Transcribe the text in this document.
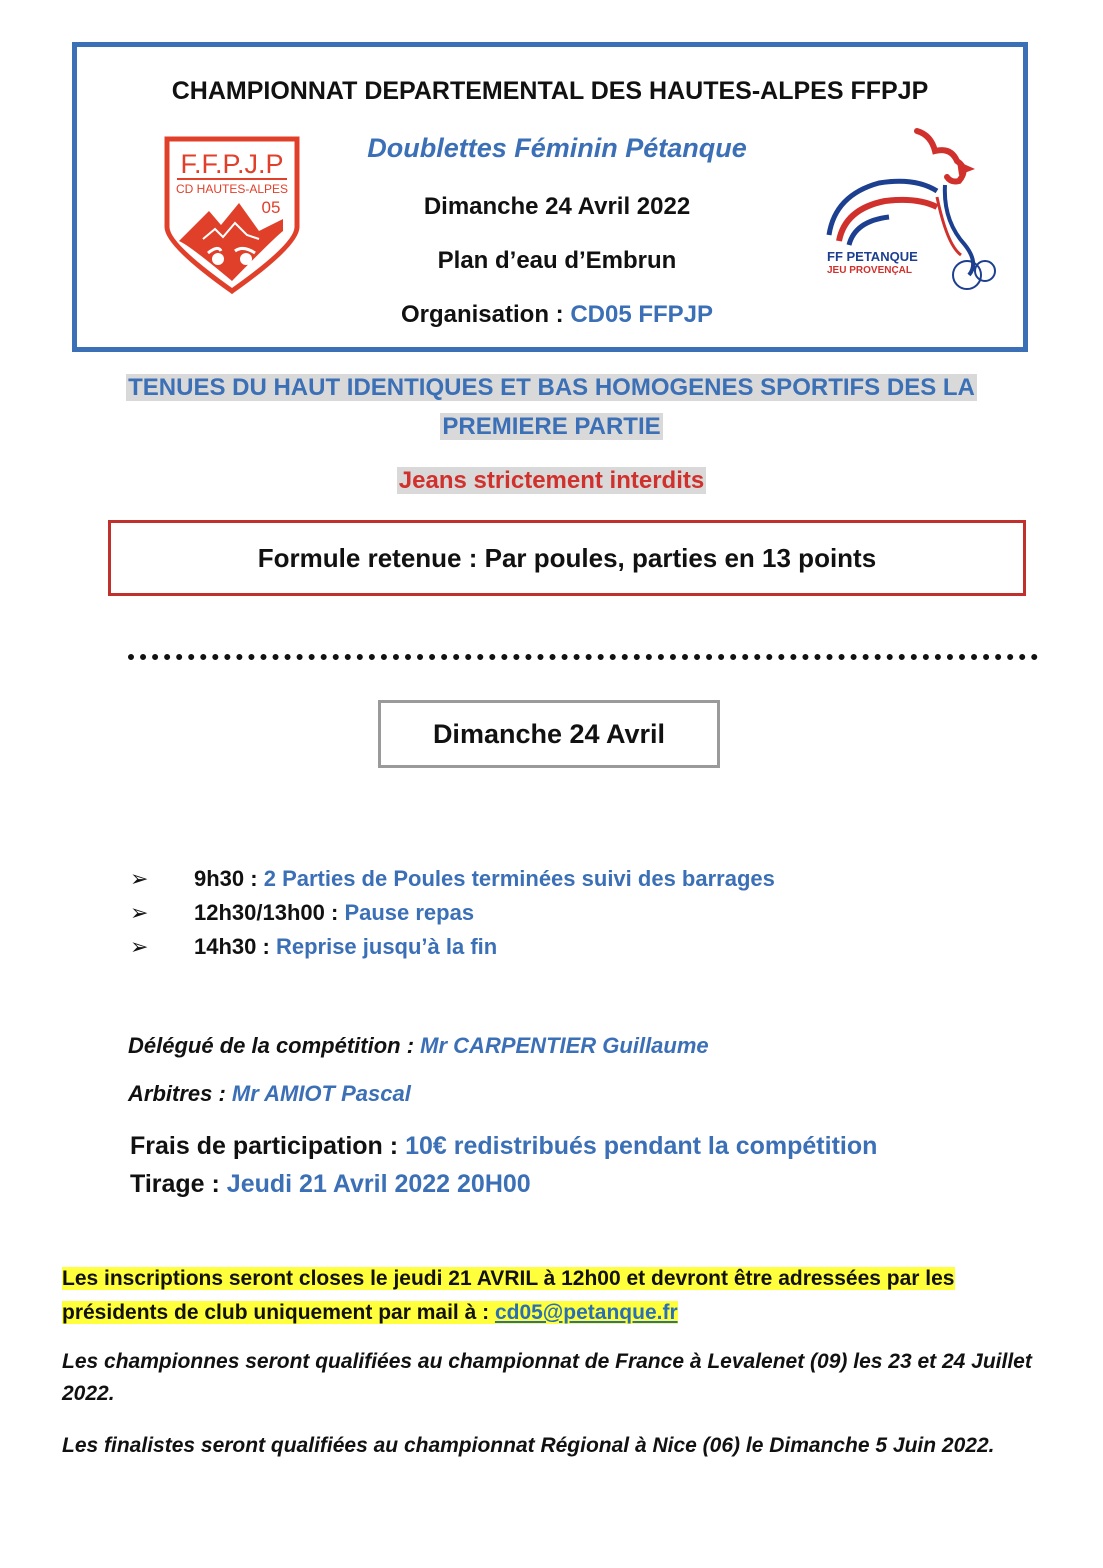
CHAMPIONNAT DEPARTEMENTAL DES HAUTES-ALPES FFPJP
F.F.P.J.P
CD HAUTES-ALPES
05
Doublettes Féminin Pétanque
Dimanche 24 Avril 2022
Plan d’eau d’Embrun
Organisation : CD05 FFPJP
FF PETANQUE
JEU PROVENÇAL
TENUES DU HAUT IDENTIQUES ET BAS HOMOGENES SPORTIFS DES LA
PREMIERE PARTIE
Jeans strictement interdits
Formule retenue : Par poules, parties en 13 points
Dimanche 24 Avril
➢	9h30 : 2 Parties de Poules terminées suivi des barrages
➢	12h30/13h00 : Pause repas
➢	14h30 : Reprise jusqu’à la fin
Délégué de la compétition : Mr CARPENTIER Guillaume
Arbitres : Mr AMIOT Pascal
Frais de participation : 10€ redistribués pendant la compétition
Tirage : Jeudi 21 Avril 2022 20H00
Les inscriptions seront closes le jeudi 21 AVRIL à 12h00 et devront être adressées par les
présidents de club uniquement par mail à : cd05@petanque.fr
Les championnes seront qualifiées au championnat de France à Levalenet (09) les 23 et 24 Juillet 2022.
Les finalistes seront qualifiées au championnat Régional à Nice (06) le Dimanche 5 Juin 2022.
